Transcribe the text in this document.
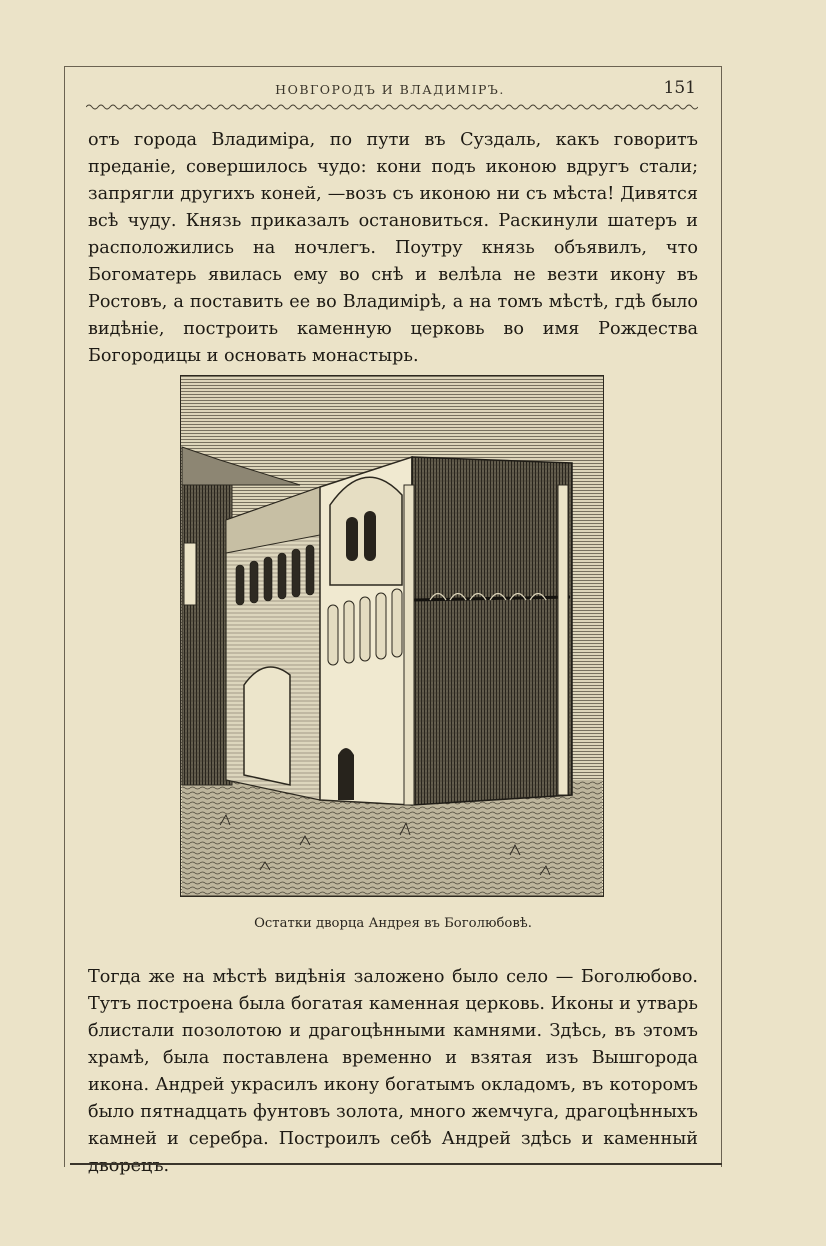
НОВГОРОДЪ И ВЛАДИМІРЪ.	151

отъ города Владиміра, по пути въ Суздаль, какъ говоритъ преданіе, совершилось чудо: кони подъ иконою вдругъ стали; запрягли другихъ коней, —возъ съ иконою ни съ мѣста! Дивятся всѣ чуду. Князь приказалъ остановиться. Раскинули шатеръ и расположились на ночлегъ. Поутру князь объявилъ, что Богоматерь явилась ему во снѣ и велѣла не везти икону въ Ростовъ, а поставить ее во Владимірѣ, а на томъ мѣстѣ, гдѣ было видѣніе, построить каменную церковь во имя Рождества Богородицы и основать монастырь.

Остатки дворца Андрея въ Боголюбовѣ.

Тогда же на мѣстѣ видѣнія заложено было село — Боголюбово. Тутъ построена была богатая каменная церковь. Иконы и утварь блистали позолотою и драгоцѣнными камнями. Здѣсь, въ этомъ храмѣ, была поставлена временно и взятая изъ Вышгорода икона. Андрей украсилъ икону богатымъ окладомъ, въ которомъ было пятнадцать фунтовъ золота, много жемчуга, драгоцѣнныхъ камней и серебра. Построилъ себѣ Андрей здѣсь и каменный дворецъ.
